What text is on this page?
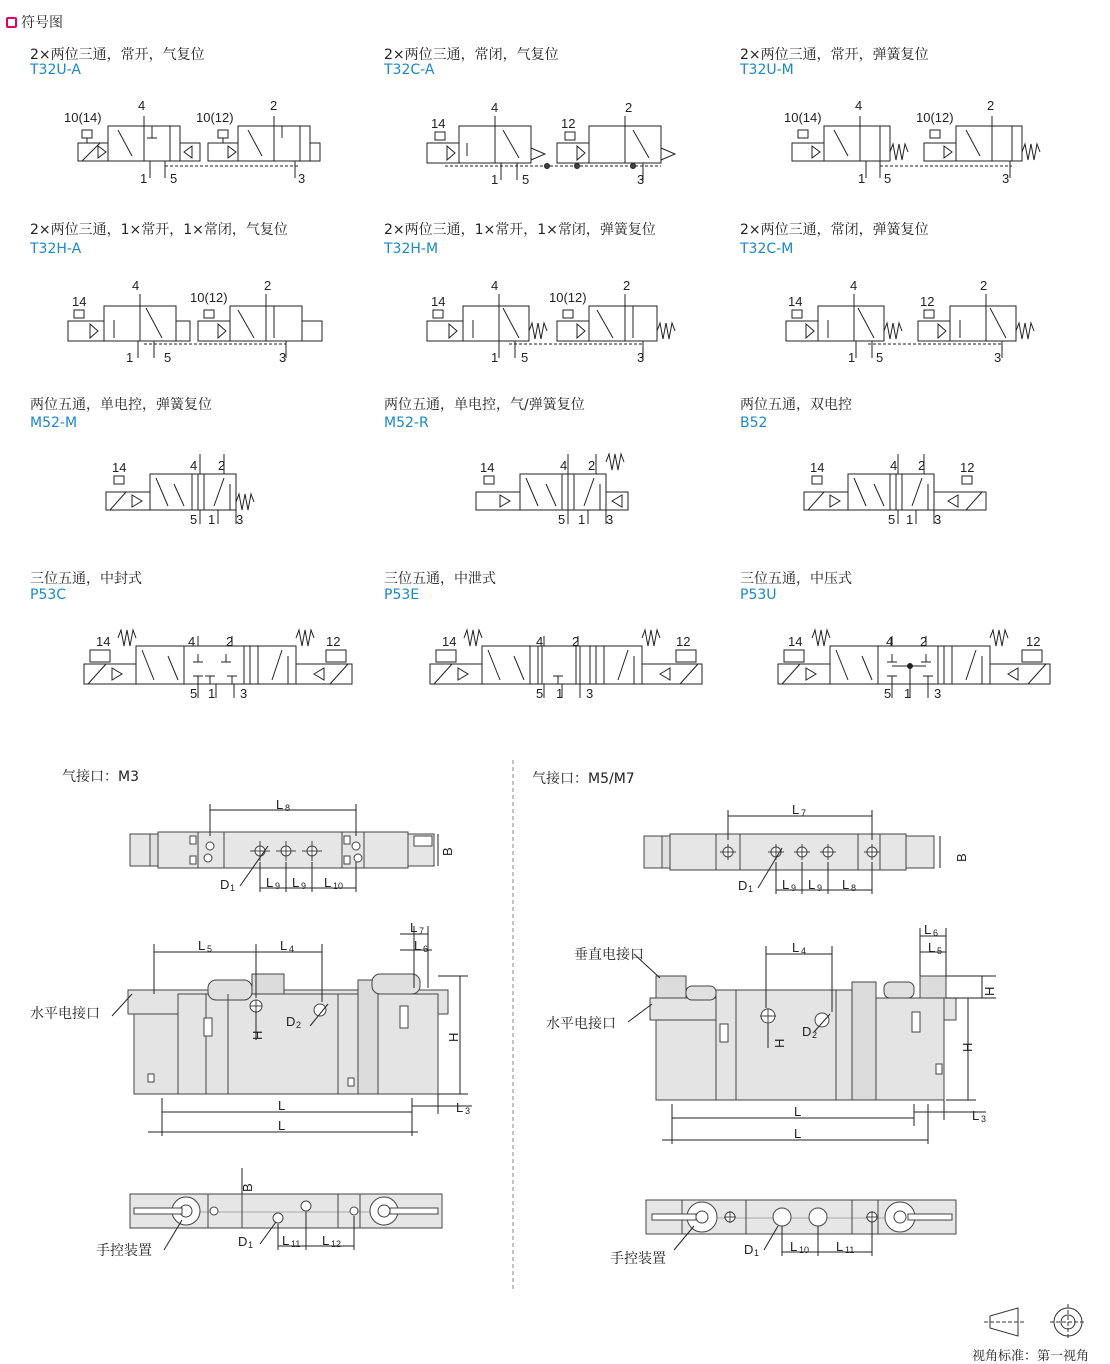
符号图
2×两位三通，常开，气复位
T32U-A
2×两位三通，常闭，气复位
T32C-A
2×两位三通，常开，弹簧复位
T32U-M
10(14)
4
10(12)
2
1 5	3
14
4
12
2
1 5	3
10(14)
4
10(12)
2
1 5	3
2×两位三通，1×常开，1×常闭，气复位
T32H-A
2×两位三通，1×常开，1×常闭，弹簧复位
T32H-M
2×两位三通，常闭，弹簧复位
T32C-M
14
4
10(12)
2
1 5	3
14
4
10(12)
2
1 5	3
14
4
12
2
1 5	3
两位五通，单电控，弹簧复位
M52-M
两位五通，单电控，气/弹簧复位
M52-R
两位五通，双电控
B52
14	4 2
5 1 3
14	4 2
5 1 3
14	4 2	12
5 1 3
三位五通，中封式
P53C
三位五通，中泄式
P53E
三位五通，中压式
P53U
14	4 2	12
5 1 3
14	4 2	12
5 1 3
14	4 2	12
5 1 3
气接口：M3
L 8
B
D 1 L 9 L 9 L 10
L 5	L 4
L 7
L 6
H
D 2
H
L	L 3
L
水平电接口
B
D 1 L 11 L 12
手控装置
气接口：M5/M7
L 7
B
D 1 L 9 L 9 L 8
L 4
L 6
L 5
H
H
D 2
H
L	L 3
L
垂直电接口
水平电接口
D 1 L 10 L 11
手控装置
视角标准：第一视角
